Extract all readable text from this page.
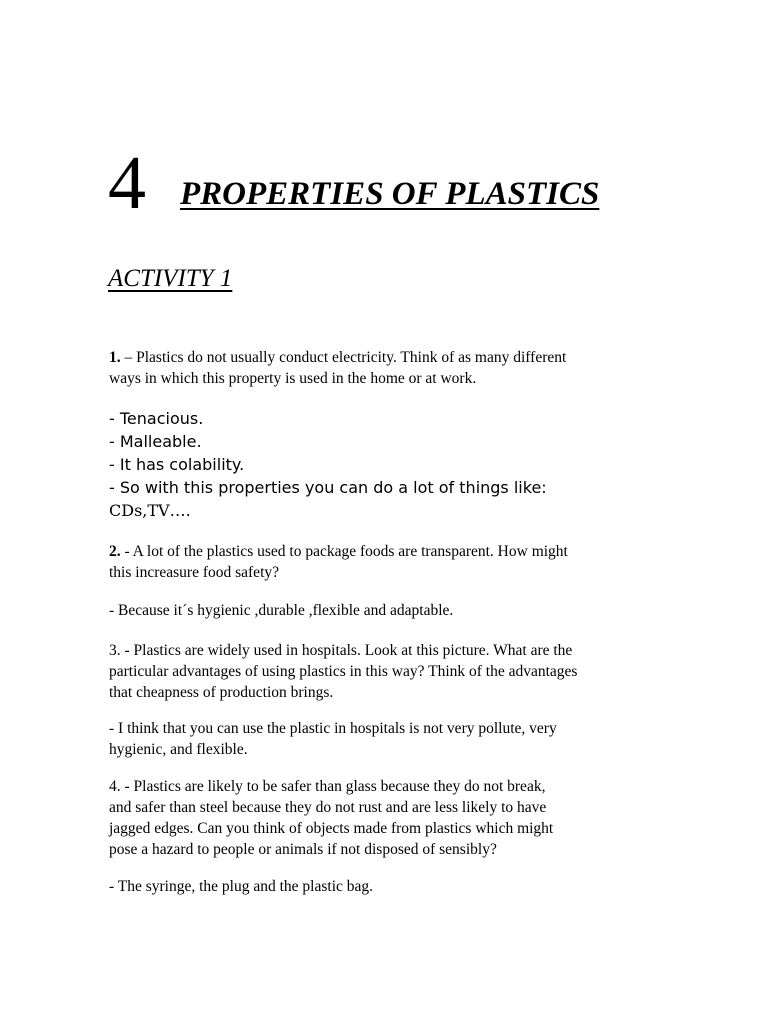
4 PROPERTIES OF PLASTICS
ACTIVITY 1
1. – Plastics do not usually conduct electricity. Think of as many different
ways in which this property is used in the home or at work.
- Tenacious.
- Malleable.
- It has colability.
- So with this properties you can do a lot of things like:
CDs,TV….
2. - A lot of the plastics used to package foods are transparent. How might
this increasure food safety?
- Because it´s hygienic ,durable ,flexible and adaptable.
3. - Plastics are widely used in hospitals. Look at this picture. What are the
particular advantages of using plastics in this way? Think of the advantages
that cheapness of production brings.
- I think that you can use the plastic in hospitals is not very pollute, very
hygienic, and flexible.
4. - Plastics are likely to be safer than glass because they do not break,
and safer than steel because they do not rust and are less likely to have
jagged edges. Can you think of objects made from plastics which might
pose a hazard to people or animals if not disposed of sensibly?
- The syringe, the plug and the plastic bag.
